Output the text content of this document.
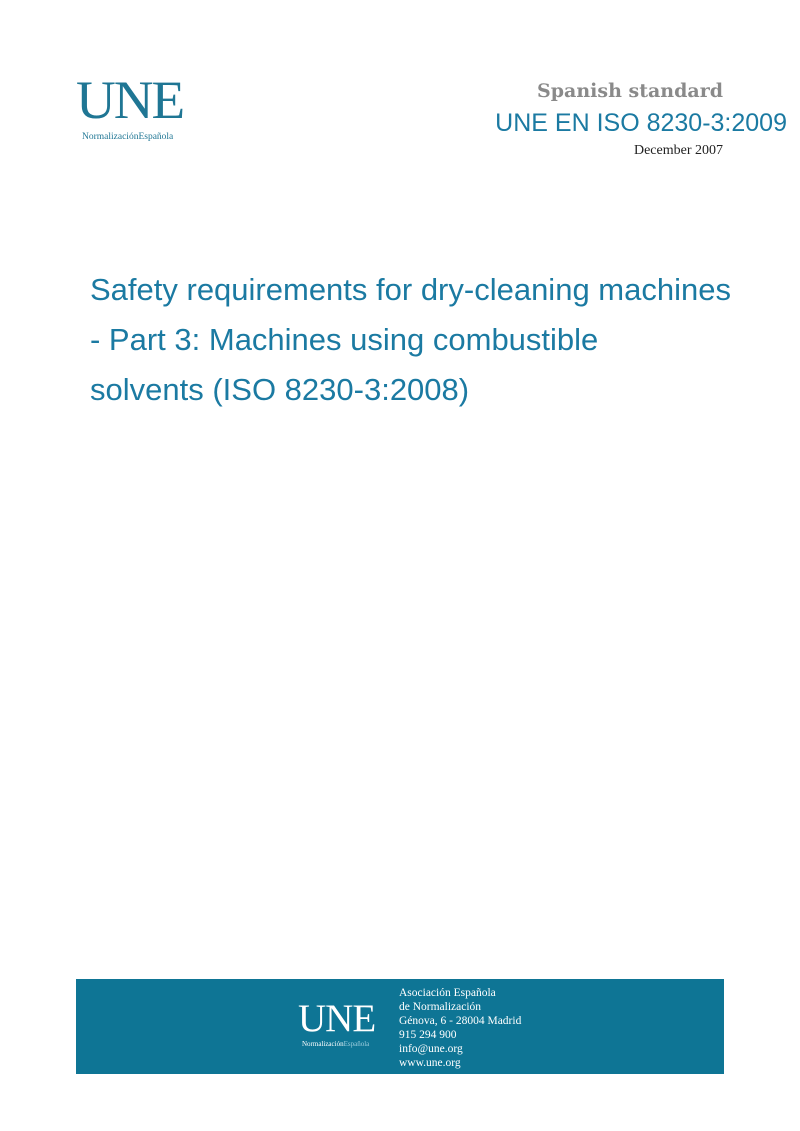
UNE
NormalizaciónEspañola
Spanish standard
UNE EN ISO 8230-3:2009
December 2007
Safety requirements for dry-cleaning machines
- Part 3: Machines using combustible
solvents (ISO 8230-3:2008)
UNE
NormalizaciónEspañola
Asociación Española
de Normalización
Génova, 6 - 28004 Madrid
915 294 900
info@une.org
www.une.org
